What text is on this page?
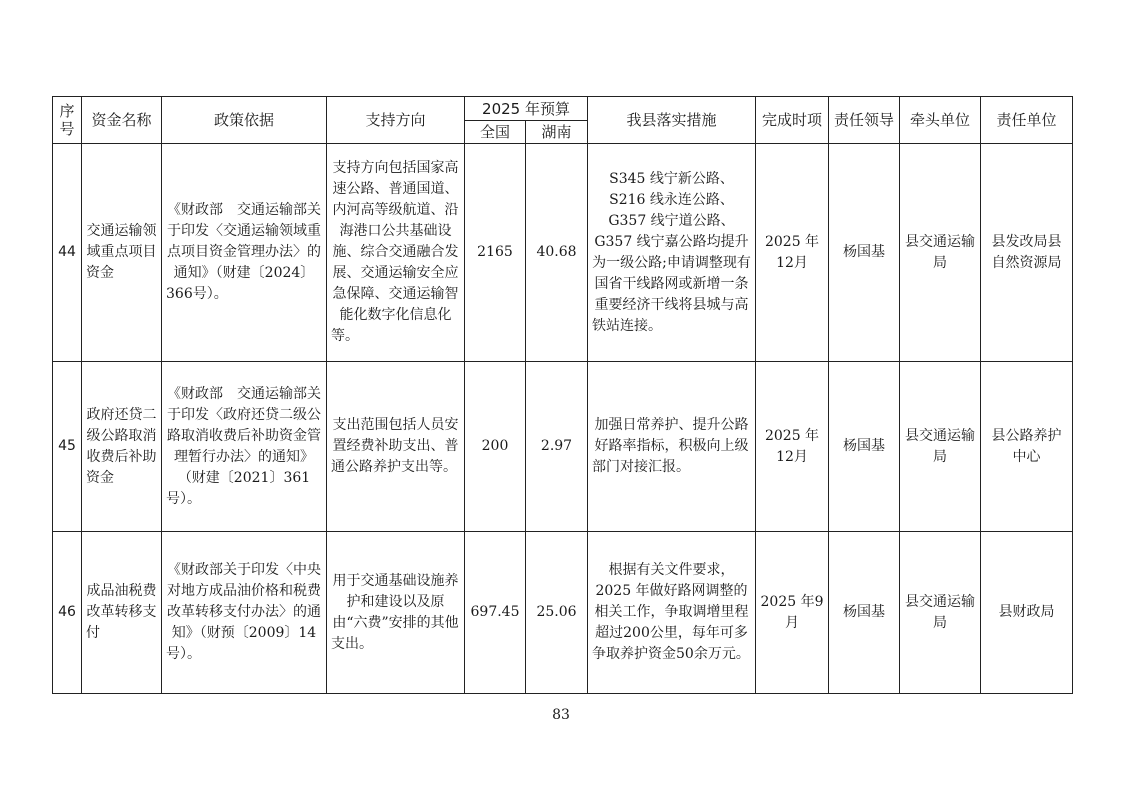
序号	资金名称	政策依据	支持方向	2025 年预算		我县落实措施	完成时项	责任领导	牵头单位	责任单位
				全国	湖南					
44	交通运输领域重点项目资金	《财政部　交通运输部关于印发〈交通运输领域重点项目资金管理办法〉的通知》（财建〔2024〕366号）。	支持方向包括国家高速公路、普通国道、内河高等级航道、沿海港口公共基础设施、综合交通融合发展、交通运输安全应急保障、交通运输智能化数字化信息化等。	2165	40.68	S345 线宁新公路、S216 线永连公路、G357 线宁道公路、G357 线宁嘉公路均提升为一级公路;申请调整现有国省干线路网或新增一条重要经济干线将县城与高铁站连接。	2025 年12月	杨国基	县交通运输局	县发改局县自然资源局
45	政府还贷二级公路取消收费后补助资金	《财政部　交通运输部关于印发〈政府还贷二级公路取消收费后补助资金管理暂行办法〉的通知》（财建〔2021〕361号）。	支出范围包括人员安置经费补助支出、普通公路养护支出等。	200	2.97	加强日常养护、提升公路好路率指标，积极向上级部门对接汇报。	2025 年12月	杨国基	县交通运输局	县公路养护中心
46	成品油税费改革转移支付	《财政部关于印发〈中央对地方成品油价格和税费改革转移支付办法〉的通知》（财预〔2009〕14号）。	用于交通基础设施养护和建设以及原由“六费”安排的其他支出。	697.45	25.06	根据有关文件要求，2025 年做好路网调整的相关工作，争取调增里程超过200公里，每年可多争取养护资金50余万元。	2025 年9月	杨国基	县交通运输局	县财政局
83
